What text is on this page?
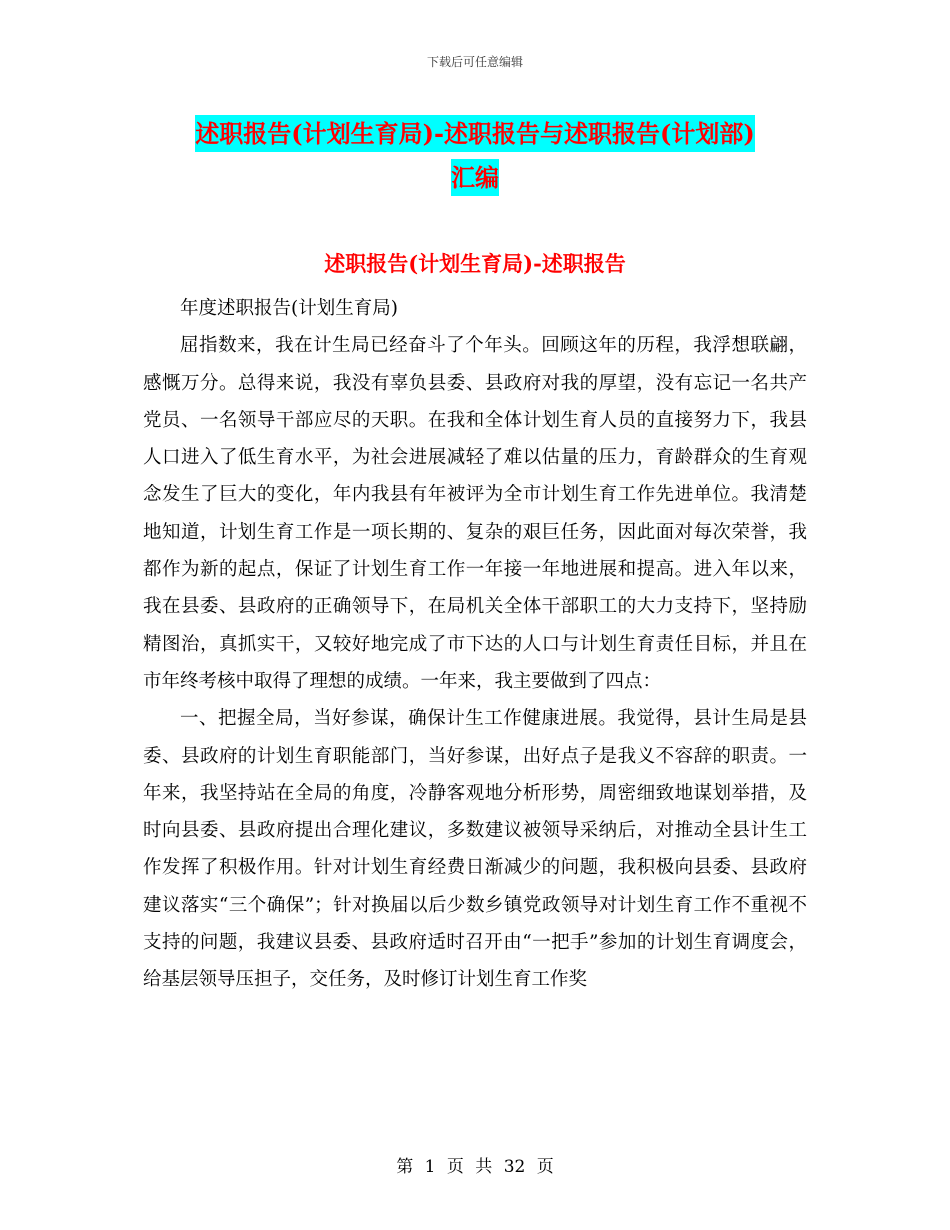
下载后可任意编辑
述职报告(计划生育局)-述职报告与述职报告(计划部)
汇编
述职报告(计划生育局)-述职报告

年度述职报告(计划生育局)

屈指数来，我在计生局已经奋斗了个年头。回顾这年的历程，我浮想联翩，感慨万分。总得来说，我没有辜负县委、县政府对我的厚望，没有忘记一名共产党员、一名领导干部应尽的天职。在我和全体计划生育人员的直接努力下，我县人口进入了低生育水平，为社会进展减轻了难以估量的压力，育龄群众的生育观念发生了巨大的变化，年内我县有年被评为全市计划生育工作先进单位。我清楚地知道，计划生育工作是一项长期的、复杂的艰巨任务，因此面对每次荣誉，我都作为新的起点，保证了计划生育工作一年接一年地进展和提高。进入年以来，我在县委、县政府的正确领导下，在局机关全体干部职工的大力支持下，坚持励精图治，真抓实干，又较好地完成了市下达的人口与计划生育责任目标，并且在市年终考核中取得了理想的成绩。一年来，我主要做到了四点：

一、把握全局，当好参谋，确保计生工作健康进展。我觉得，县计生局是县委、县政府的计划生育职能部门，当好参谋，出好点子是我义不容辞的职责。一年来，我坚持站在全局的角度，冷静客观地分析形势，周密细致地谋划举措，及时向县委、县政府提出合理化建议，多数建议被领导采纳后，对推动全县计生工作发挥了积极作用。针对计划生育经费日渐减少的问题，我积极向县委、县政府建议落实“三个确保”；针对换届以后少数乡镇党政领导对计划生育工作不重视不支持的问题，我建议县委、县政府适时召开由“一把手”参加的计划生育调度会，给基层领导压担子，交任务，及时修订计划生育工作奖

第 1 页 共 32 页
